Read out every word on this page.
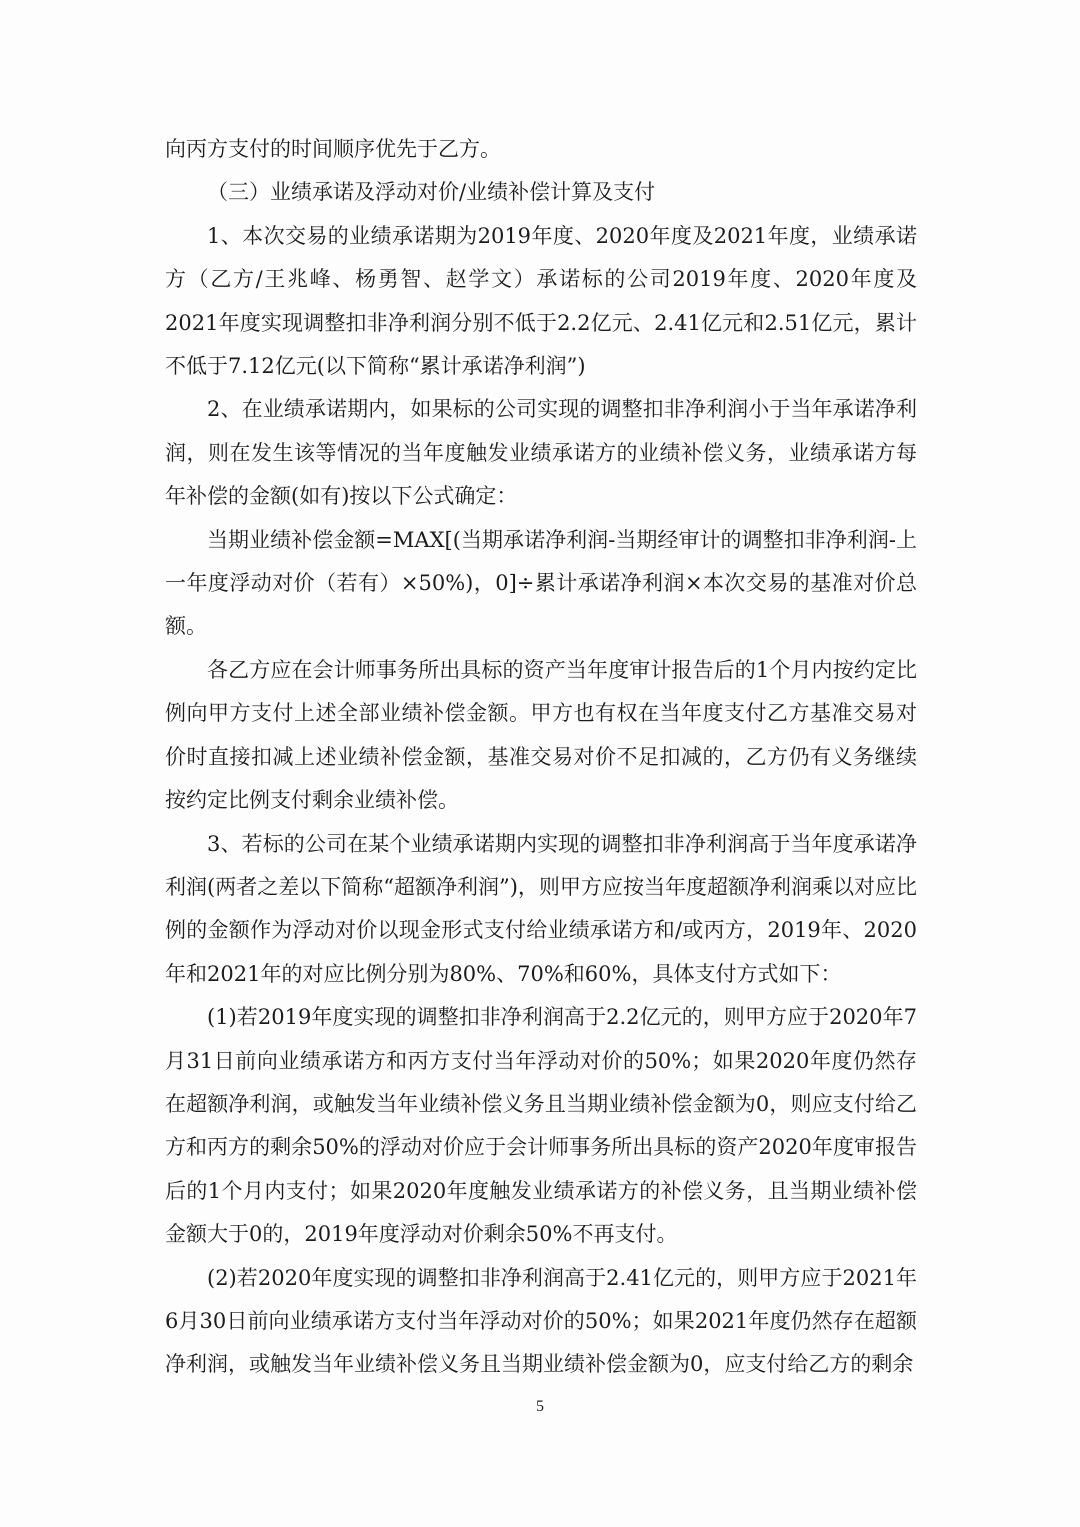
向丙方支付的时间顺序优先于乙方。

（三）业绩承诺及浮动对价/业绩补偿计算及支付

1、本次交易的业绩承诺期为2019年度、2020年度及2021年度，业绩承诺方（乙方/王兆峰、杨勇智、赵学文）承诺标的公司2019年度、2020年度及2021年度实现调整扣非净利润分别不低于2.2亿元、2.41亿元和2.51亿元，累计不低于7.12亿元(以下简称“累计承诺净利润”)

2、在业绩承诺期内，如果标的公司实现的调整扣非净利润小于当年承诺净利润，则在发生该等情况的当年度触发业绩承诺方的业绩补偿义务，业绩承诺方每年补偿的金额(如有)按以下公式确定：

当期业绩补偿金额=MAX[(当期承诺净利润-当期经审计的调整扣非净利润-上一年度浮动对价（若有）×50%)，0]÷累计承诺净利润×本次交易的基准对价总额。

各乙方应在会计师事务所出具标的资产当年度审计报告后的1个月内按约定比例向甲方支付上述全部业绩补偿金额。甲方也有权在当年度支付乙方基准交易对价时直接扣减上述业绩补偿金额，基准交易对价不足扣减的，乙方仍有义务继续按约定比例支付剩余业绩补偿。

3、若标的公司在某个业绩承诺期内实现的调整扣非净利润高于当年度承诺净利润(两者之差以下简称“超额净利润”)，则甲方应按当年度超额净利润乘以对应比例的金额作为浮动对价以现金形式支付给业绩承诺方和/或丙方，2019年、2020年和2021年的对应比例分别为80%、70%和60%，具体支付方式如下：

(1)若2019年度实现的调整扣非净利润高于2.2亿元的，则甲方应于2020年7月31日前向业绩承诺方和丙方支付当年浮动对价的50%；如果2020年度仍然存在超额净利润，或触发当年业绩补偿义务且当期业绩补偿金额为0，则应支付给乙方和丙方的剩余50%的浮动对价应于会计师事务所出具标的资产2020年度审报告后的1个月内支付；如果2020年度触发业绩承诺方的补偿义务，且当期业绩补偿金额大于0的，2019年度浮动对价剩余50%不再支付。

(2)若2020年度实现的调整扣非净利润高于2.41亿元的，则甲方应于2021年6月30日前向业绩承诺方支付当年浮动对价的50%；如果2021年度仍然存在超额净利润，或触发当年业绩补偿义务且当期业绩补偿金额为0，应支付给乙方的剩余

5
